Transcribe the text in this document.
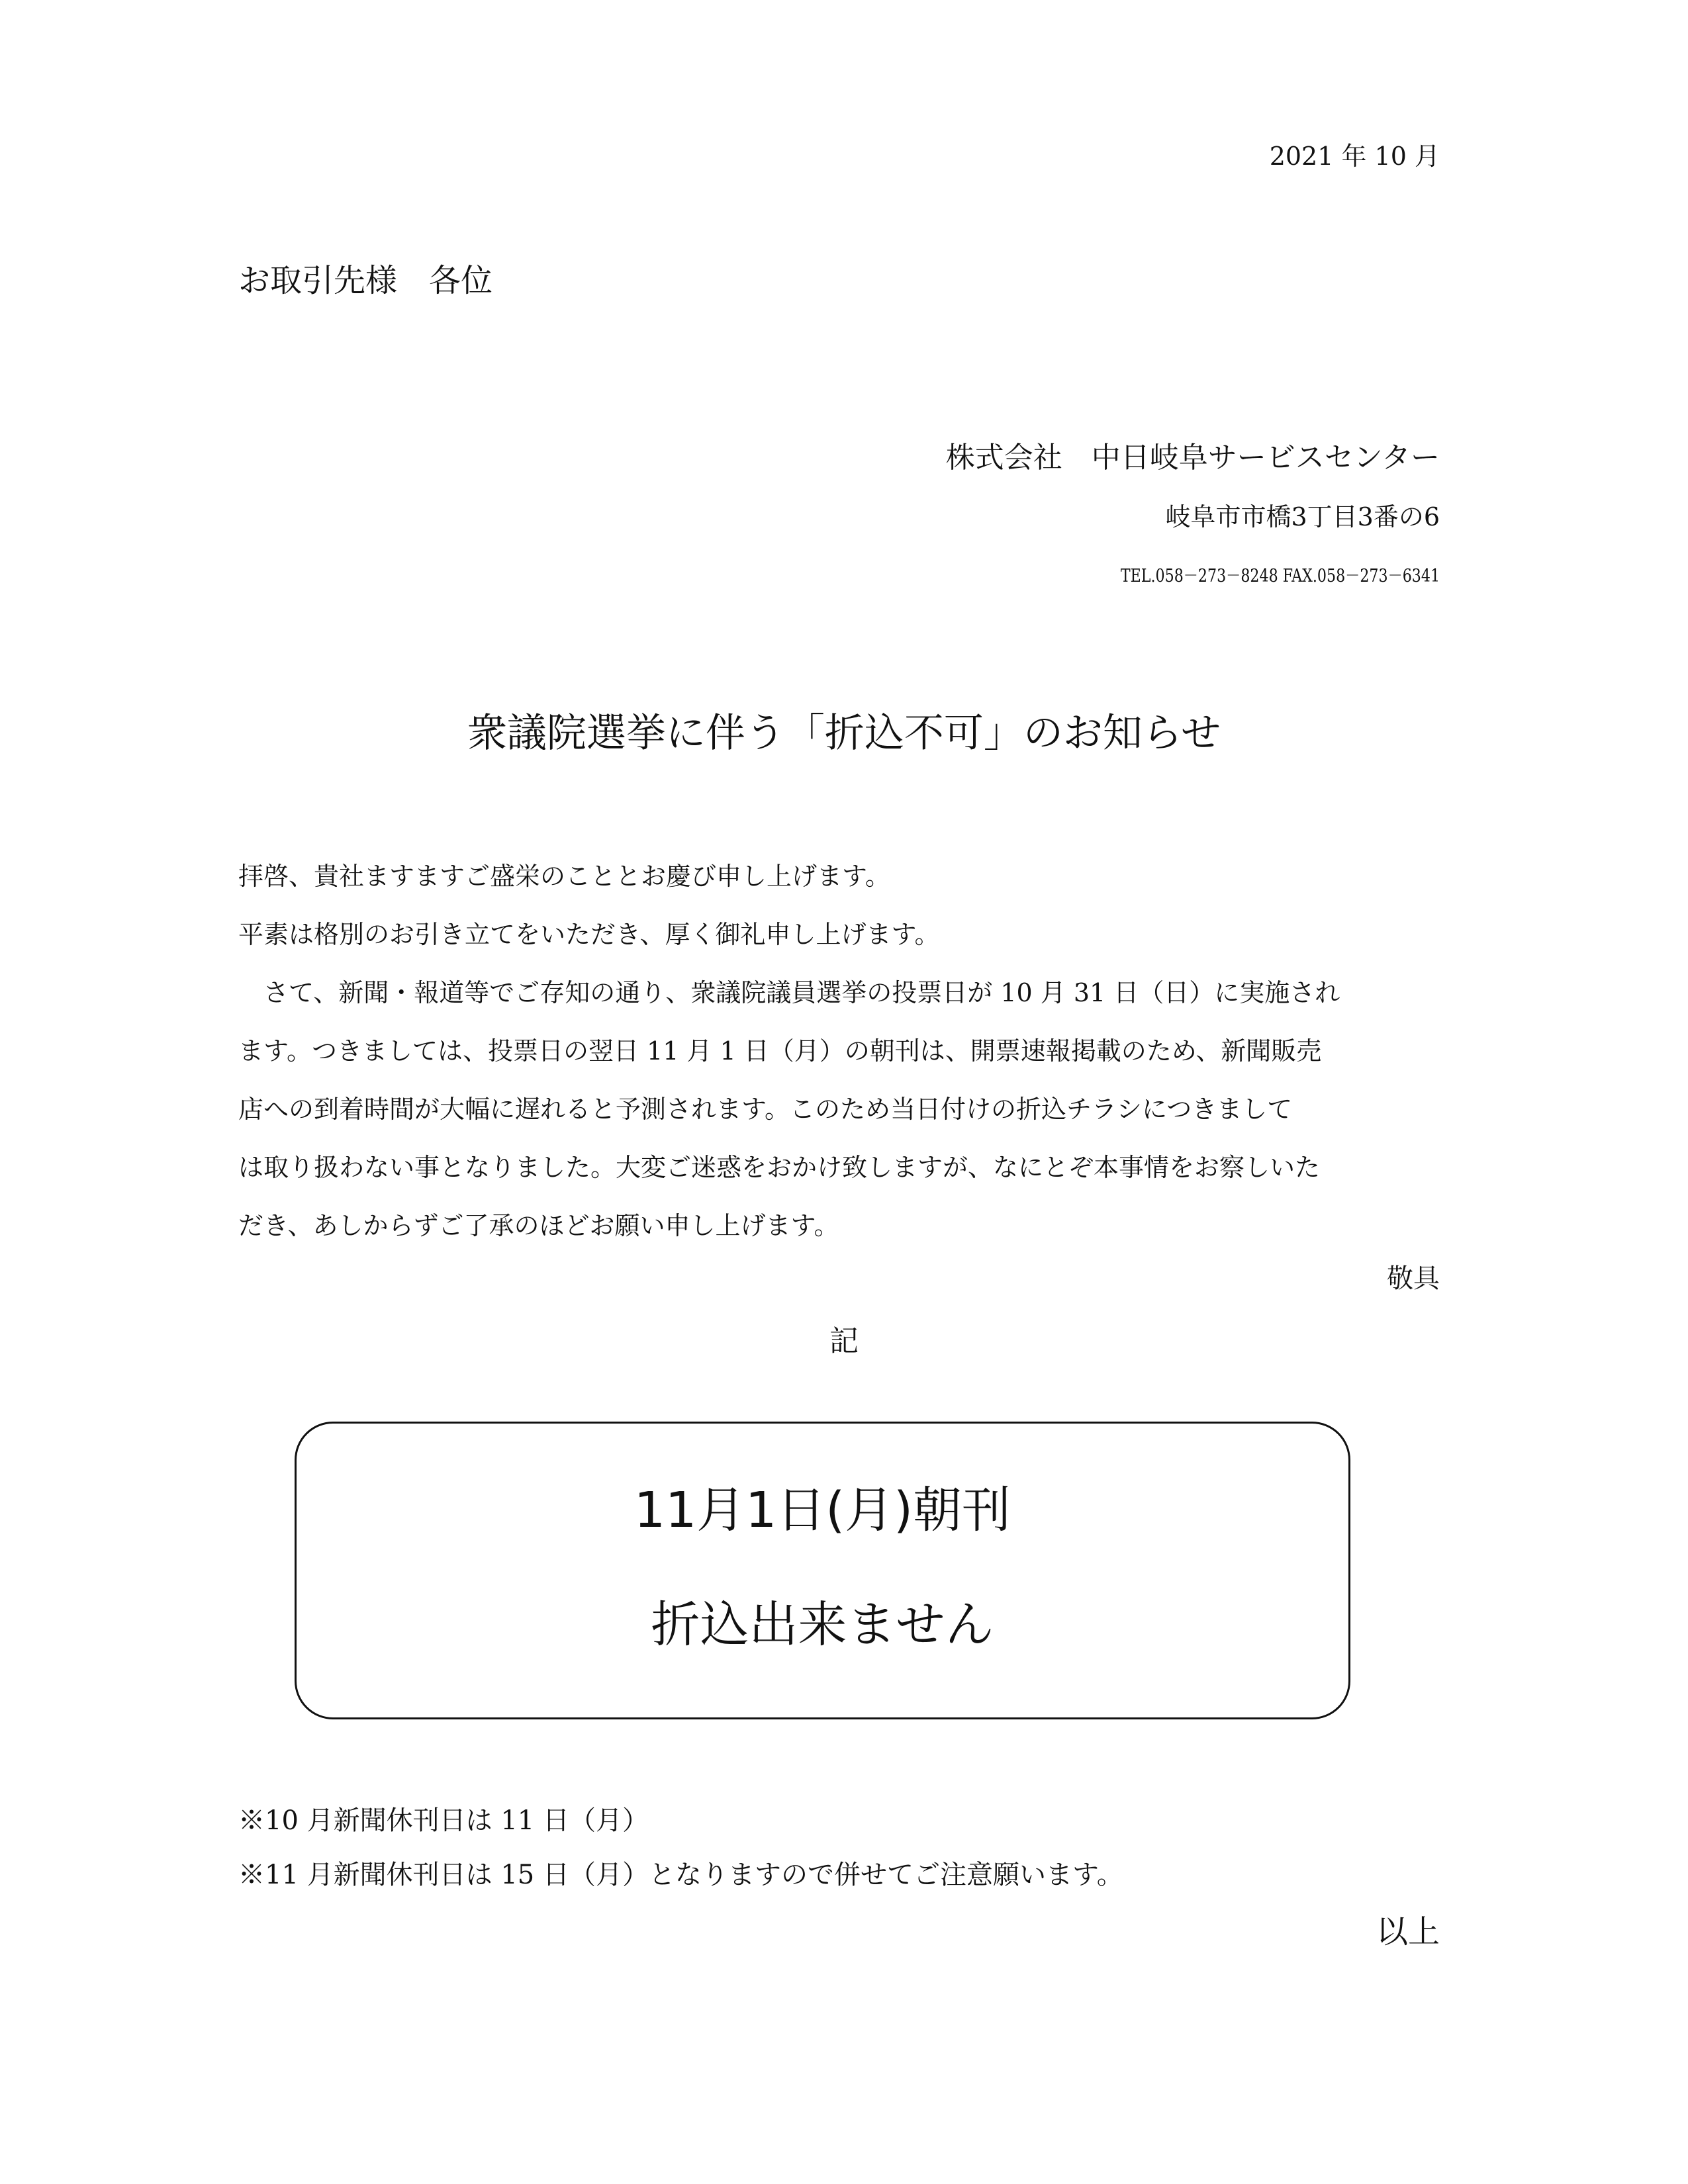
2021 年 10 月
お取引先様　各位
株式会社　中日岐阜サービスセンター
岐阜市市橋3丁目3番の6
TEL.058－273－8248 FAX.058－273－6341
衆議院選挙に伴う「折込不可」のお知らせ

拝啓、貴社ますますご盛栄のこととお慶び申し上げます。

平素は格別のお引き立てをいただき、厚く御礼申し上げます。

　さて、新聞・報道等でご存知の通り、衆議院議員選挙の投票日が 10 月 31 日（日）に実施され

ます。つきましては、投票日の翌日 11 月 1 日（月）の朝刊は、開票速報掲載のため、新聞販売

店への到着時間が大幅に遅れると予測されます。このため当日付けの折込チラシにつきまして

は取り扱わない事となりました。大変ご迷惑をおかけ致しますが、なにとぞ本事情をお察しいた

だき、あしからずご了承のほどお願い申し上げます。

敬具
記
11月1日(月)朝刊
折込出来ません

※10 月新聞休刊日は 11 日（月）

※11 月新聞休刊日は 15 日（月）となりますので併せてご注意願います。

以上
